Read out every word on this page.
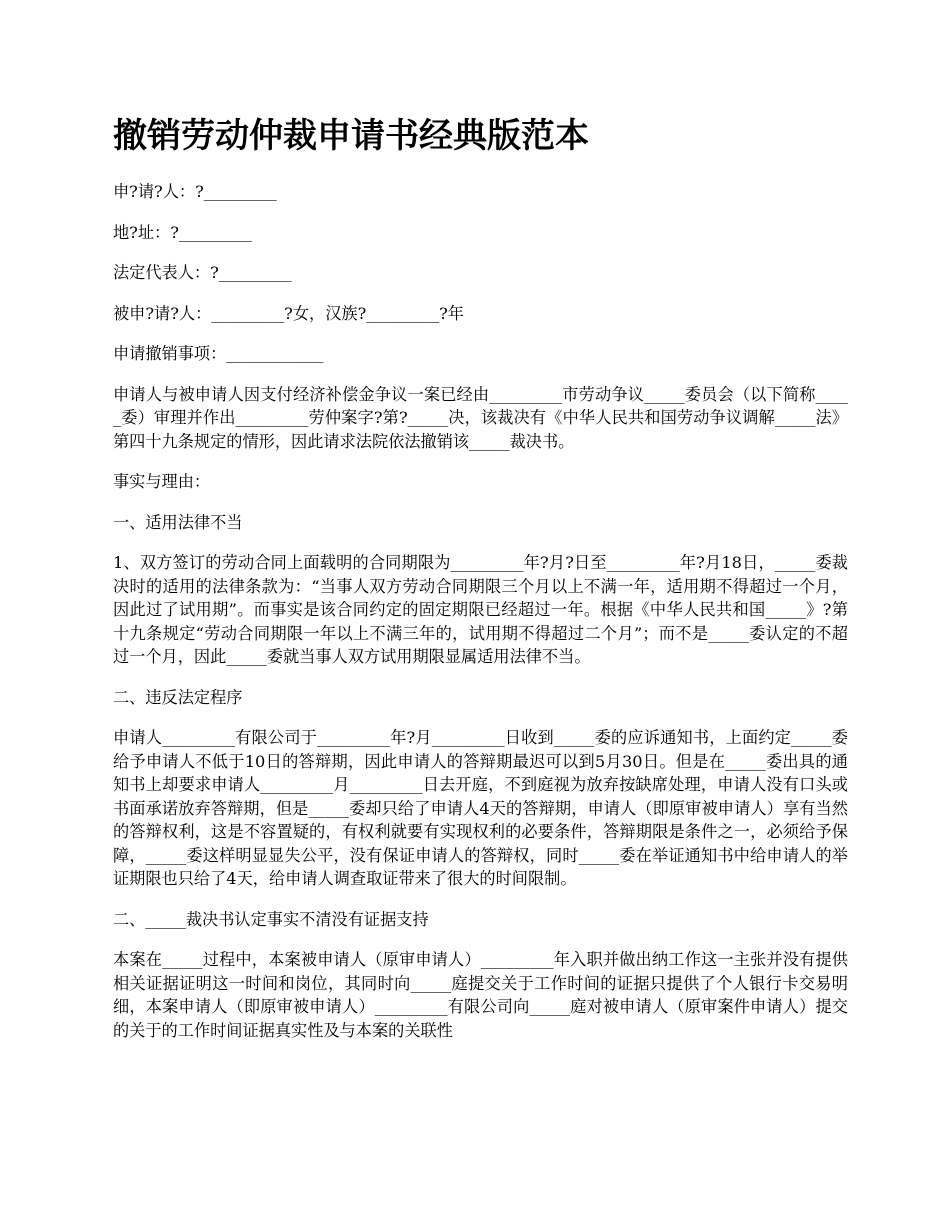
撤销劳动仲裁申请书经典版范本

申?请?人：?_________

地?址：?_________

法定代表人：?_________

被申?请?人：_________?女，汉族?_________?年

申请撤销事项：____________

申请人与被申请人因支付经济补偿金争议一案已经由_________市劳动争议_____委员会（以下简称_____委）审理并作出_________劳仲案字?第?_____决，该裁决有《中华人民共和国劳动争议调解_____法》第四十九条规定的情形，因此请求法院依法撤销该_____裁决书。

事实与理由：

一、适用法律不当

1、双方签订的劳动合同上面载明的合同期限为_________年?月?日至_________年?月18日，_____委裁决时的适用的法律条款为：“当事人双方劳动合同期限三个月以上不满一年，适用期不得超过一个月，因此过了试用期”。而事实是该合同约定的固定期限已经超过一年。根据《中华人民共和国_____》?第十九条规定“劳动合同期限一年以上不满三年的，试用期不得超过二个月”；而不是_____委认定的不超过一个月，因此_____委就当事人双方试用期限显属适用法律不当。

二、违反法定程序

申请人_________有限公司于_________年?月_________日收到_____委的应诉通知书，上面约定_____委给予申请人不低于10日的答辩期，因此申请人的答辩期最迟可以到5月30日。但是在_____委出具的通知书上却要求申请人_________月_________日去开庭，不到庭视为放弃按缺席处理，申请人没有口头或书面承诺放弃答辩期，但是_____委却只给了申请人4天的答辩期，申请人（即原审被申请人）享有当然的答辩权利，这是不容置疑的，有权利就要有实现权利的必要条件，答辩期限是条件之一，必须给予保障，_____委这样明显显失公平，没有保证申请人的答辩权，同时_____委在举证通知书中给申请人的举证期限也只给了4天，给申请人调查取证带来了很大的时间限制。

二、_____裁决书认定事实不清没有证据支持

本案在_____过程中，本案被申请人（原审申请人）_________年入职并做出纳工作这一主张并没有提供相关证据证明这一时间和岗位，其同时向_____庭提交关于工作时间的证据只提供了个人银行卡交易明细，本案申请人（即原审被申请人）_________有限公司向_____庭对被申请人（原审案件申请人）提交的关于的工作时间证据真实性及与本案的关联性
